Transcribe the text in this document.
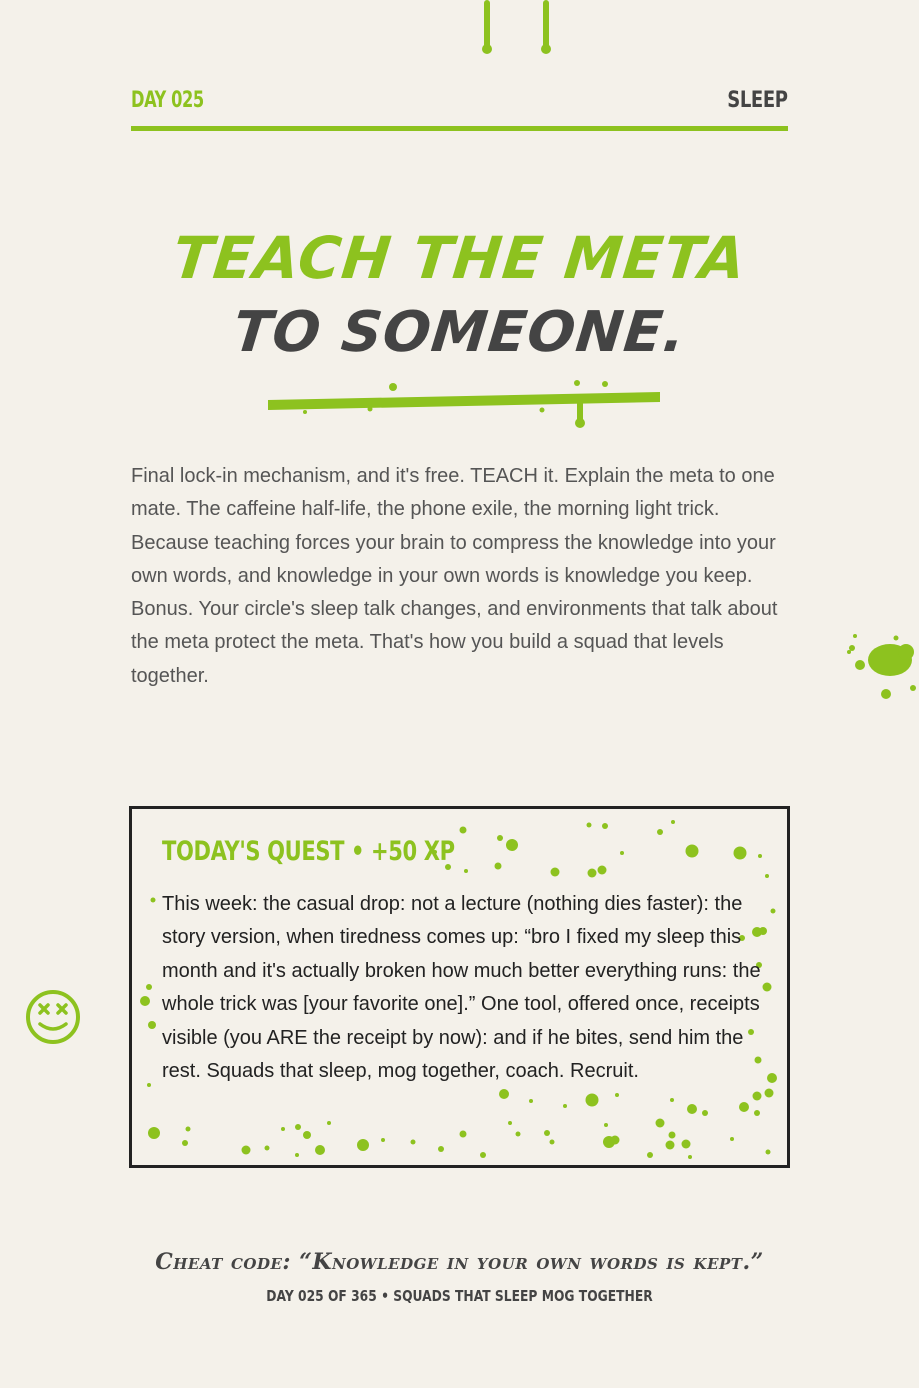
DAY 025	SLEEP
TEACH THE META
TO SOMEONE.
Final lock-in mechanism, and it's free. TEACH it. Explain the meta to one mate. The caffeine half-life, the phone exile, the morning light trick. Because teaching forces your brain to compress the knowledge into your own words, and knowledge in your own words is knowledge you keep. Bonus. Your circle's sleep talk changes, and environments that talk about the meta protect the meta. That's how you build a squad that levels together.
TODAY'S QUEST • +50 XP
This week: the casual drop: not a lecture (nothing dies faster): the story version, when tiredness comes up: “bro I fixed my sleep this month and it's actually broken how much better everything runs: the whole trick was [your favorite one].” One tool, offered once, receipts visible (you ARE the receipt by now): and if he bites, send him the rest. Squads that sleep, mog together, coach. Recruit.
Cheat code: “Knowledge in your own words is kept.”
DAY 025 OF 365 • SQUADS THAT SLEEP MOG TOGETHER
